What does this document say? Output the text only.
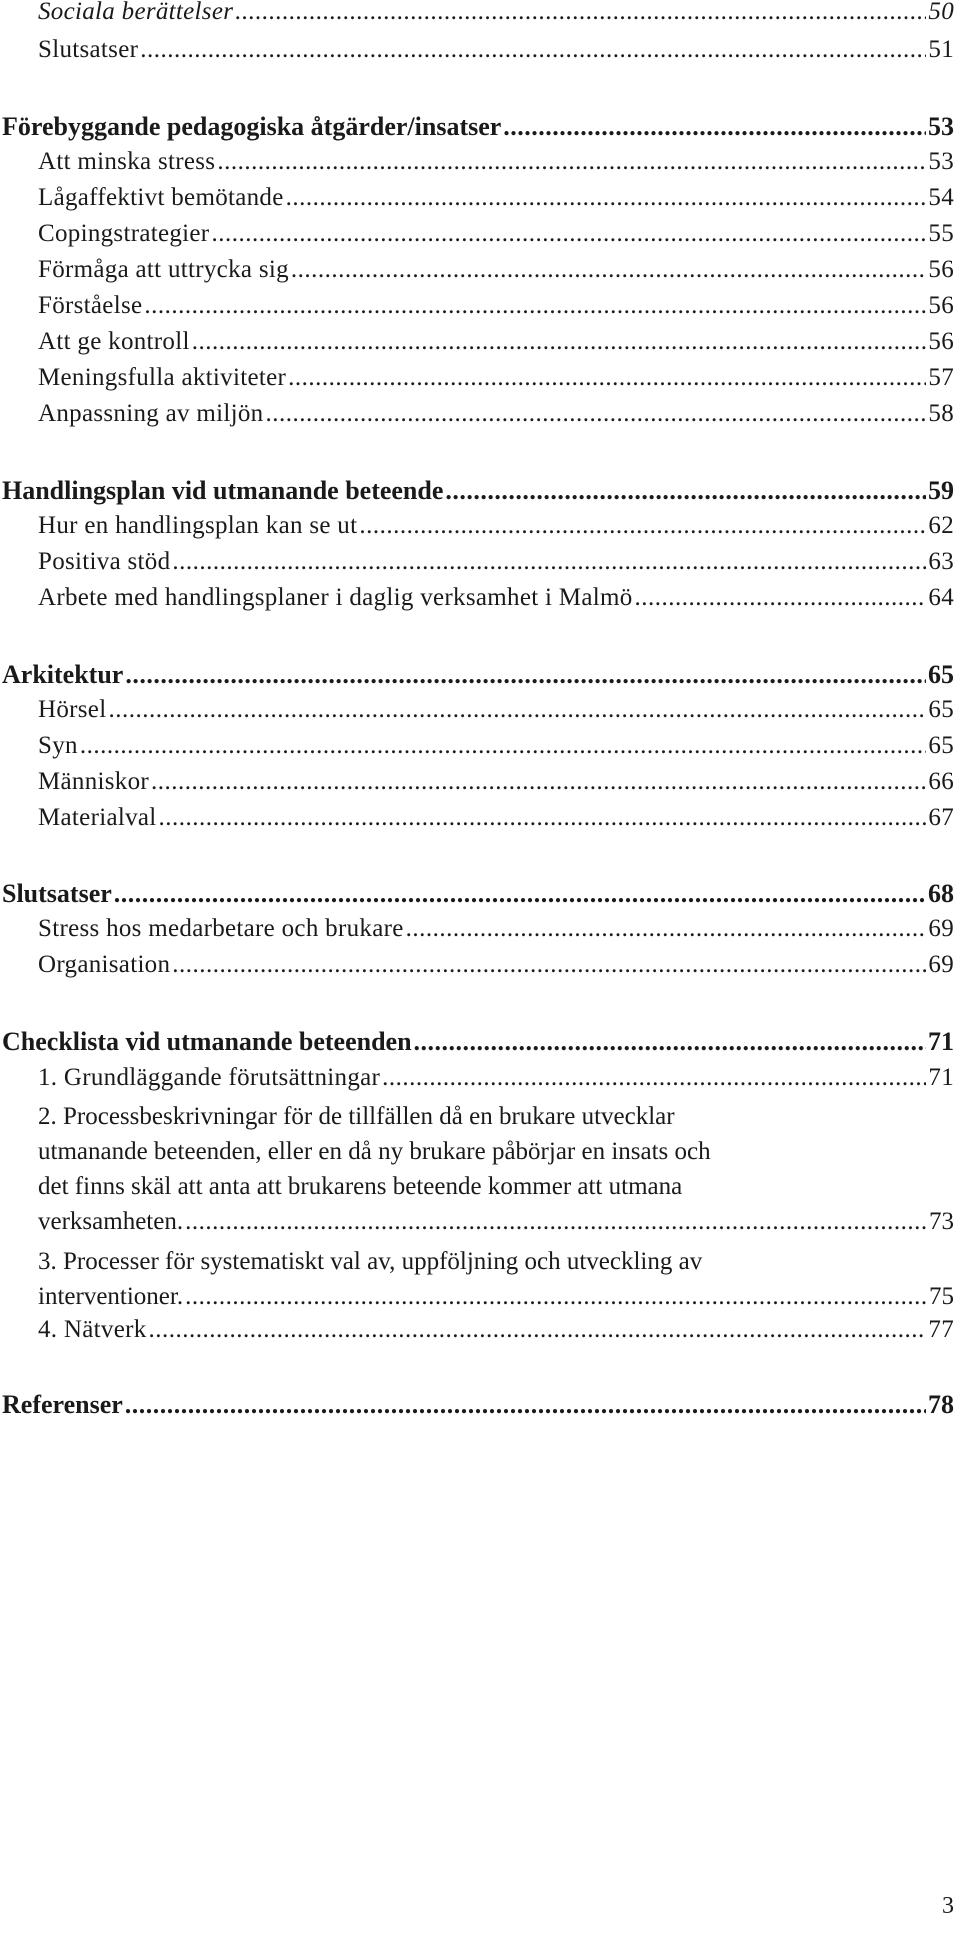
Sociala berättelser .....	50
Slutsatser .....	51
Förebyggande pedagogiska åtgärder/insatser .....	53
Att minska stress .....	53
Lågaffektivt bemötande .....	54
Copingstrategier .....	55
Förmåga att uttrycka sig .....	56
Förståelse .....	56
Att ge kontroll .....	56
Meningsfulla aktiviteter .....	57
Anpassning av miljön .....	58
Handlingsplan vid utmanande beteende .....	59
Hur en handlingsplan kan se ut .....	62
Positiva stöd .....	63
Arbete med handlingsplaner i daglig verksamhet i Malmö .....	64
Arkitektur .....	65
Hörsel .....	65
Syn .....	65
Människor .....	66
Materialval .....	67
Slutsatser .....	68
Stress hos medarbetare och brukare .....	69
Organisation .....	69
Checklista vid utmanande beteenden .....	71
1. Grundläggande förutsättningar .....	71
2. Processbeskrivningar för de tillfällen då en brukare utvecklar
utmanande beteenden, eller en då ny brukare påbörjar en insats och
det finns skäl att anta att brukarens beteende kommer att utmana
verksamheten. .....	73
3. Processer för systematiskt val av, uppföljning och utveckling av
interventioner. .....	75
4. Nätverk .....	77
Referenser .....	78
3
